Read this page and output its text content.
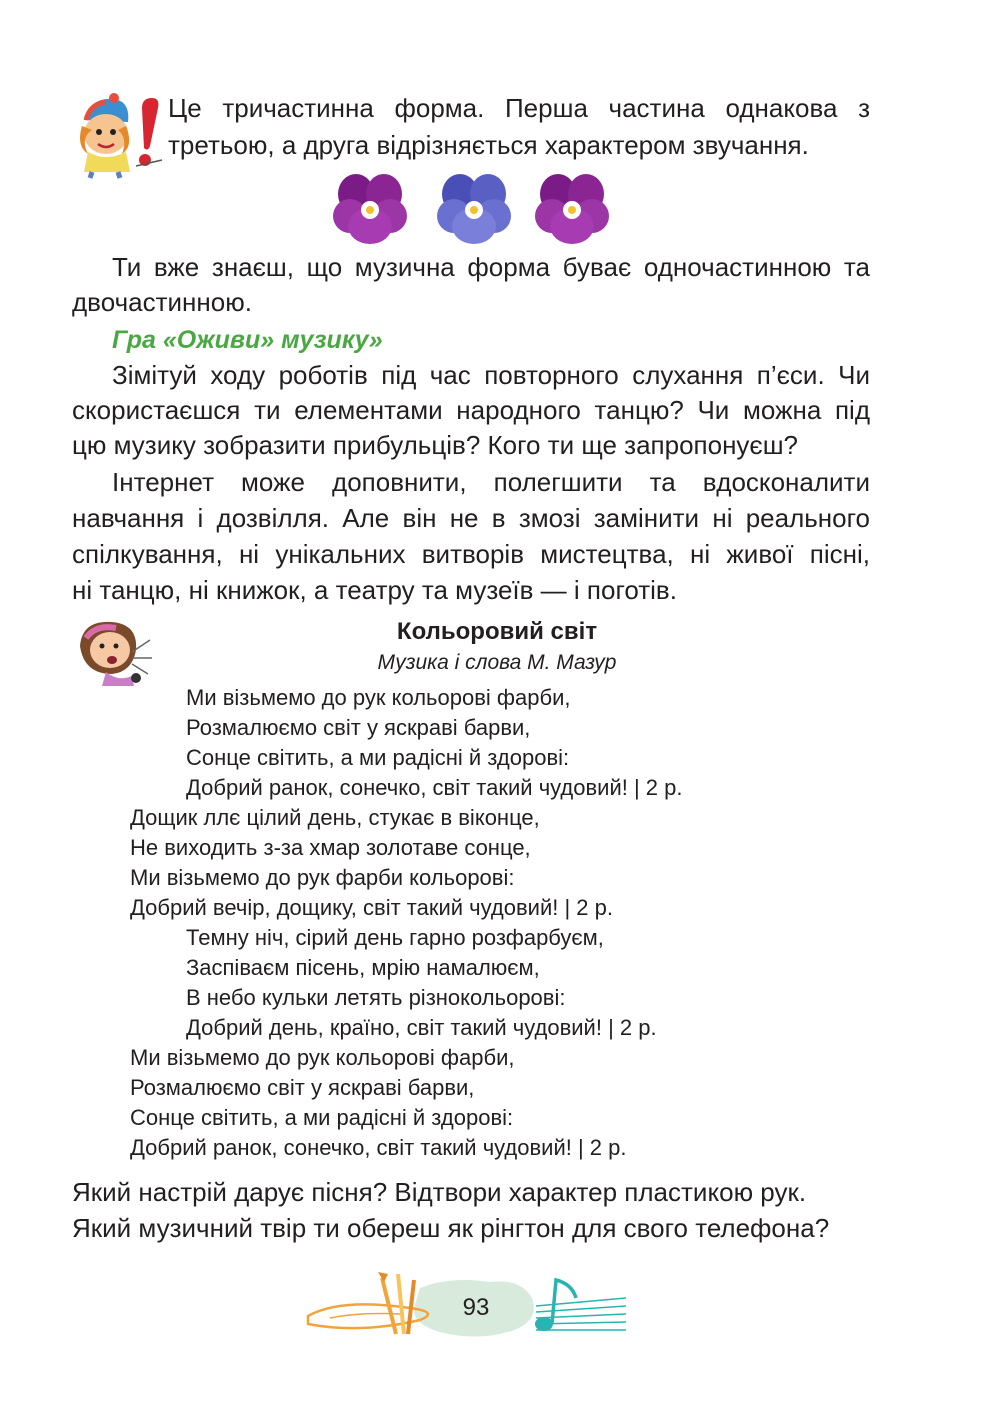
Це тричастинна форма. Перша частина однакова з
третьою, а друга відрізняється характером звучання.
Ти вже знаєш, що музична форма буває одночастинною та
двочастинною.
Гра «Оживи» музику»
Зімітуй ходу роботів під час повторного слухання п’єси. Чи
скористаєшся ти елементами народного танцю? Чи можна під
цю музику зобразити прибульців? Кого ти ще запропонуєш?
Інтернет може доповнити, полегшити та вдосконалити
навчання і дозвілля. Але він не в змозі замінити ні реального
спілкування, ні унікальних витворів мистецтва, ні живої пісні,
ні танцю, ні книжок, а театру та музеїв — і поготів.
Кольоровий світ
Музика і слова М. Мазур
Ми візьмемо до рук кольорові фарби,
Розмалюємо світ у яскраві барви,
Сонце світить, а ми радісні й здорові:
Добрий ранок, сонечко, світ такий чудовий! | 2 р.
Дощик ллє цілий день, стукає в віконце,
Не виходить з-за хмар золотаве сонце,
Ми візьмемо до рук фарби кольорові:
Добрий вечір, дощику, світ такий чудовий! | 2 р.
Темну ніч, сірий день гарно розфарбуєм,
Заспіваєм пісень, мрію намалюєм,
В небо кульки летять різнокольорові:
Добрий день, країно, світ такий чудовий! | 2 р.
Ми візьмемо до рук кольорові фарби,
Розмалюємо світ у яскраві барви,
Сонце світить, а ми радісні й здорові:
Добрий ранок, сонечко, світ такий чудовий! | 2 р.
Який настрій дарує пісня? Відтвори характер пластикою рук.
Який музичний твір ти обереш як рінгтон для свого телефона?
93
